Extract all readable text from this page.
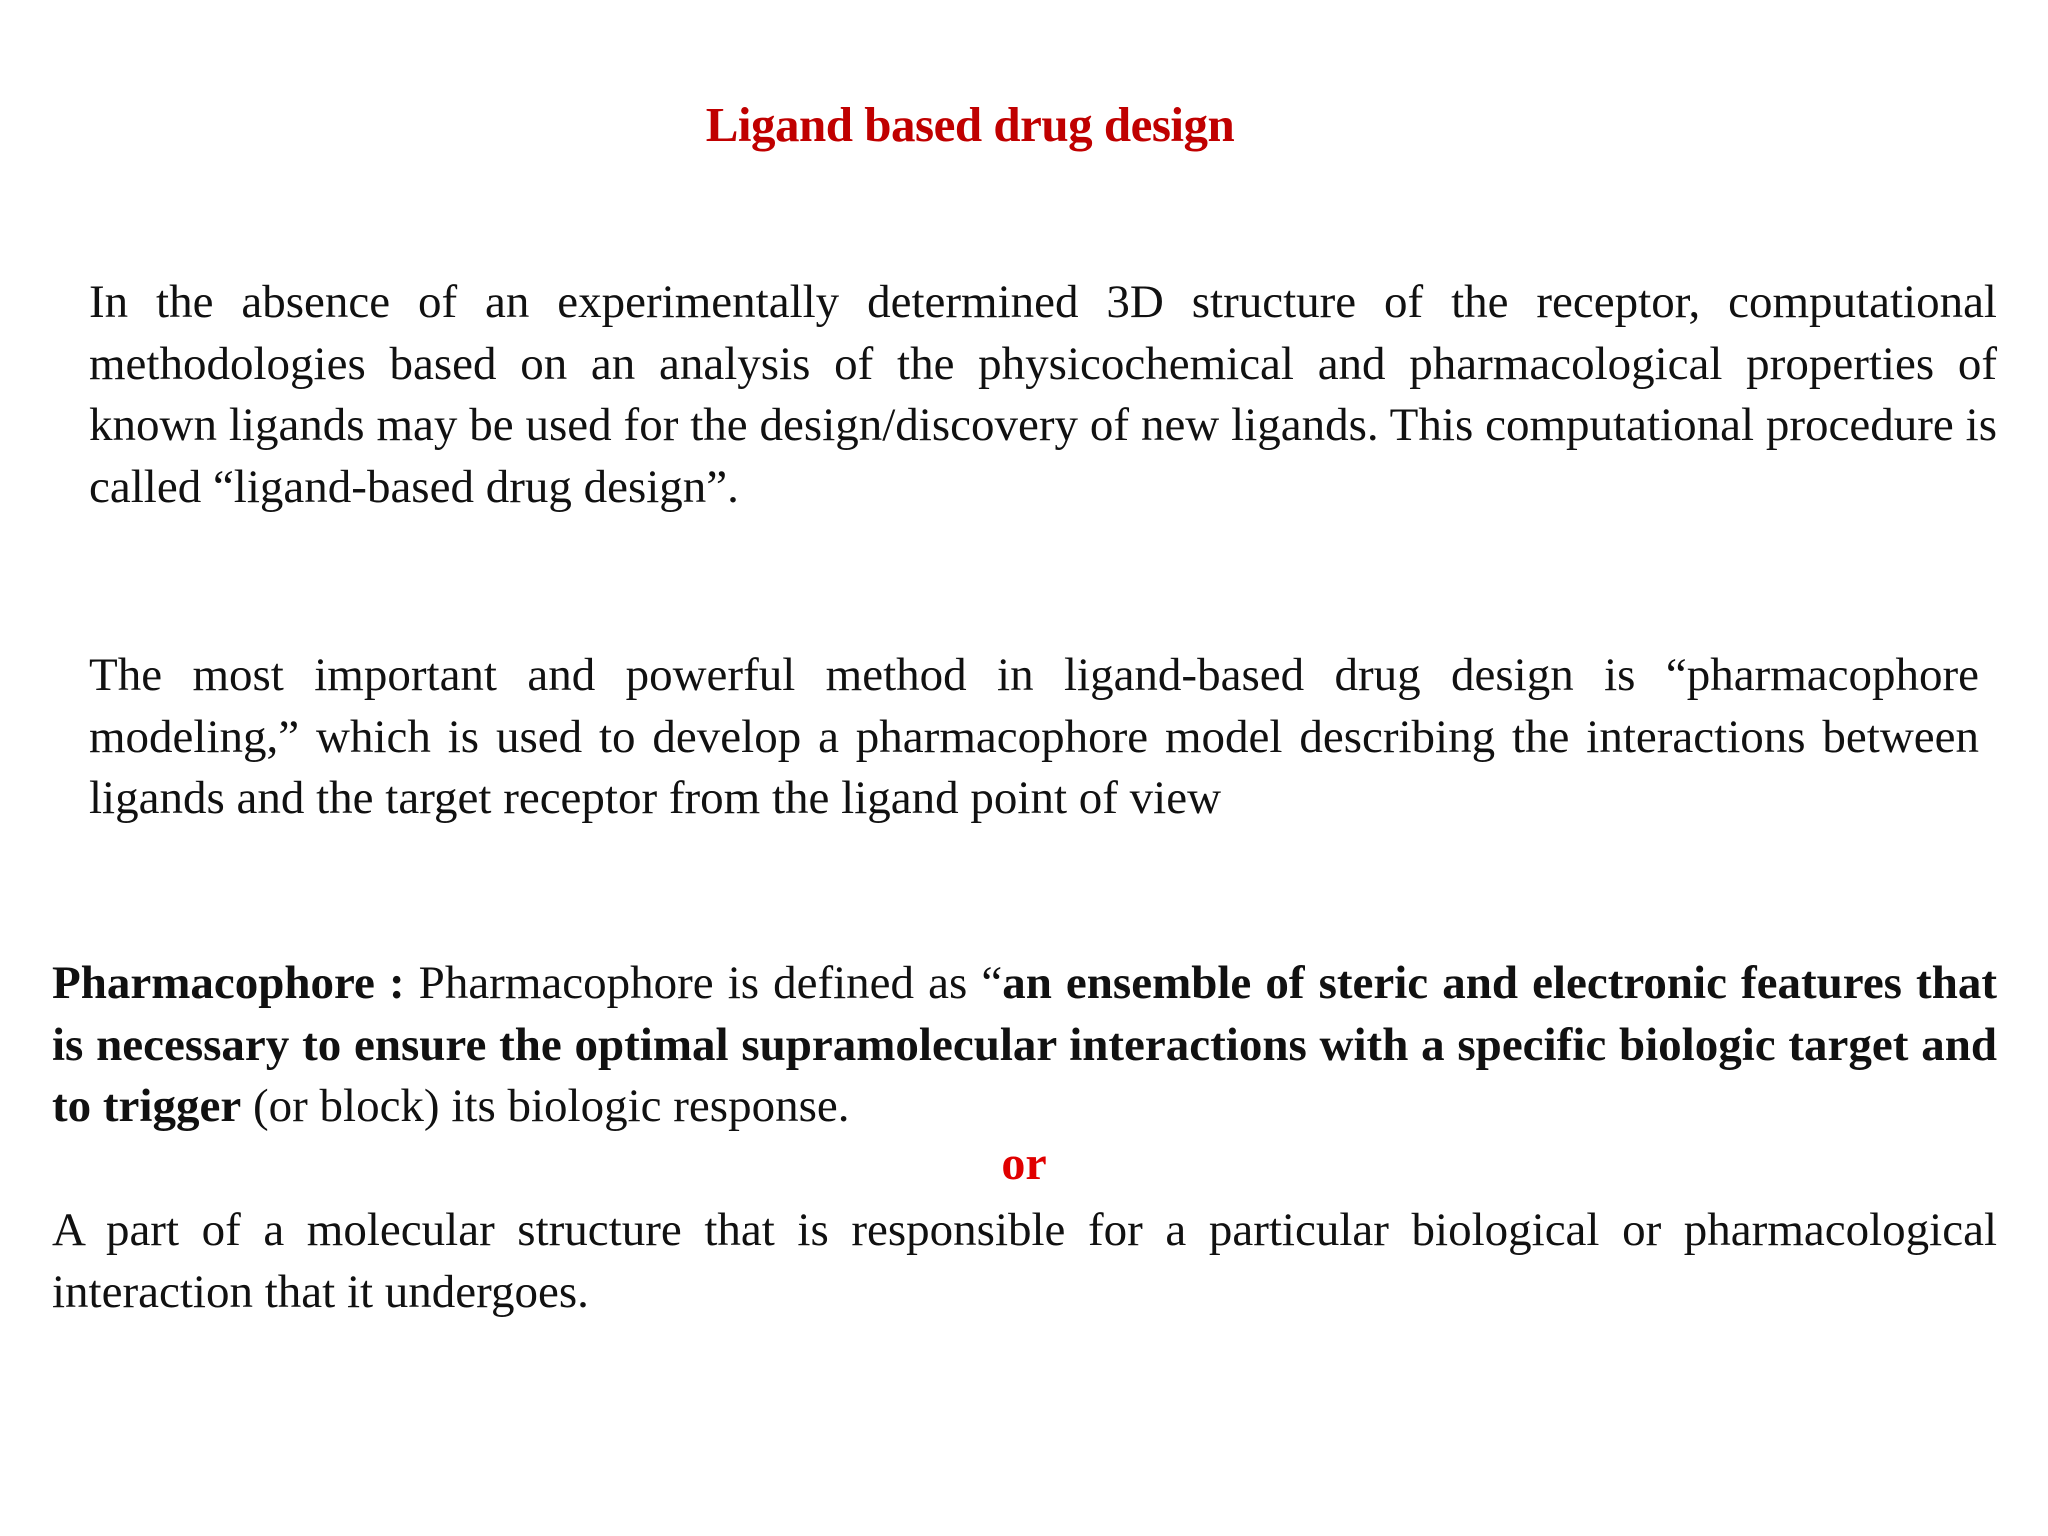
Ligand based drug design
In the absence of an experimentally determined 3D structure of the receptor, computational methodologies based on an analysis of the physicochemical and pharmacological properties of known ligands may be used for the design/discovery of new ligands. This computational procedure is called “ligand-based drug design”.
The most important and powerful method in ligand-based drug design is “pharmacophore modeling,” which is used to develop a pharmacophore model describing the interactions between ligands and the target receptor from the ligand point of view
Pharmacophore : Pharmacophore is defined as “an ensemble of steric and electronic features that is necessary to ensure the optimal supramolecular interactions with a specific biologic target and to trigger (or block) its biologic response.
or
A part of a molecular structure that is responsible for a particular biological or pharmacological interaction that it undergoes.
